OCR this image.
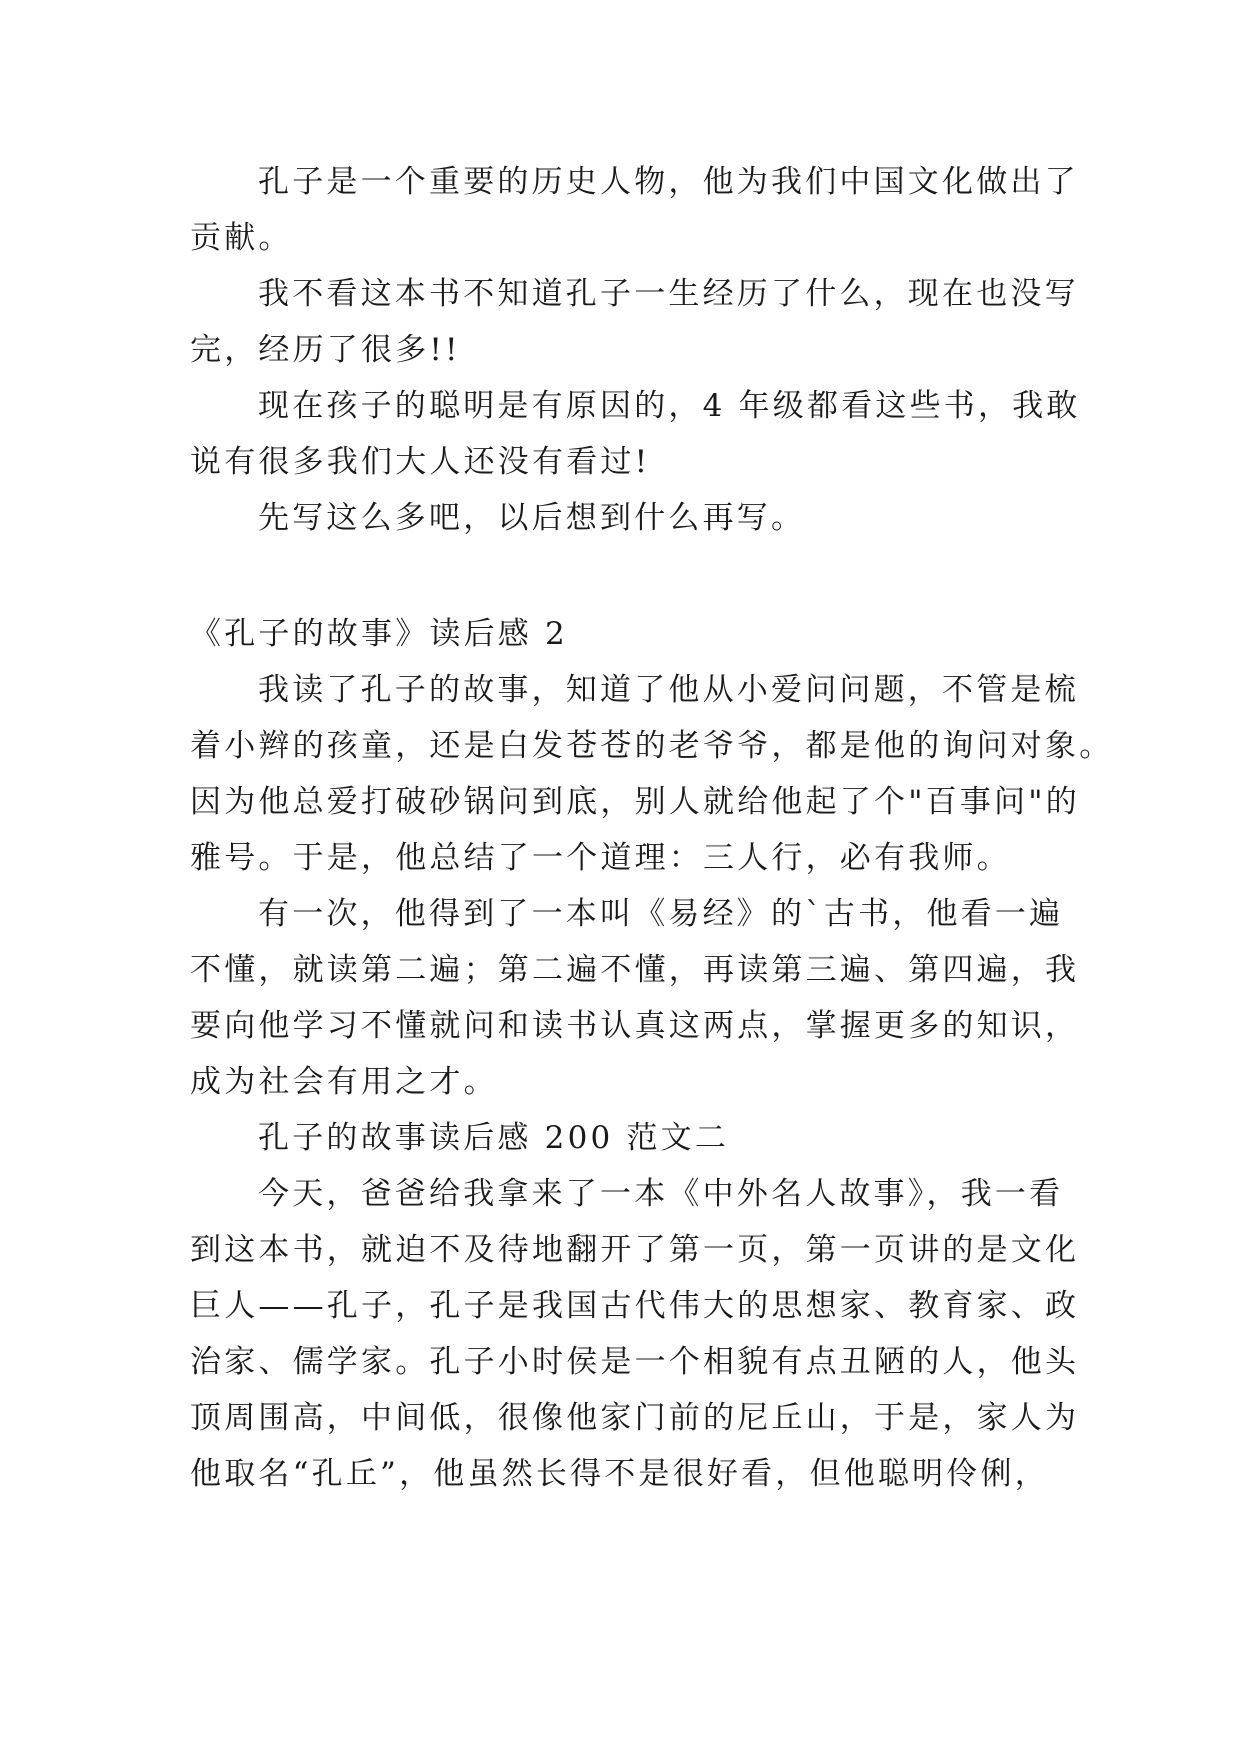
孔子是一个重要的历史人物，他为我们中国文化做出了
贡献。
我不看这本书不知道孔子一生经历了什么，现在也没写
完，经历了很多!!
现在孩子的聪明是有原因的，4 年级都看这些书，我敢
说有很多我们大人还没有看过!
先写这么多吧，以后想到什么再写。
《孔子的故事》读后感 2
我读了孔子的故事，知道了他从小爱问问题，不管是梳
着小辫的孩童，还是白发苍苍的老爷爷，都是他的询问对象。
因为他总爱打破砂锅问到底，别人就给他起了个"百事问"的
雅号。于是，他总结了一个道理：三人行，必有我师。
有一次，他得到了一本叫《易经》的`古书，他看一遍
不懂，就读第二遍；第二遍不懂，再读第三遍、第四遍，我
要向他学习不懂就问和读书认真这两点，掌握更多的知识，
成为社会有用之才。
孔子的故事读后感 200 范文二
今天，爸爸给我拿来了一本《中外名人故事》，我一看
到这本书，就迫不及待地翻开了第一页，第一页讲的是文化
巨人——孔子，孔子是我国古代伟大的思想家、教育家、政
治家、儒学家。孔子小时侯是一个相貌有点丑陋的人，他头
顶周围高，中间低，很像他家门前的尼丘山，于是，家人为
他取名“孔丘”，他虽然长得不是很好看，但他聪明伶俐，
